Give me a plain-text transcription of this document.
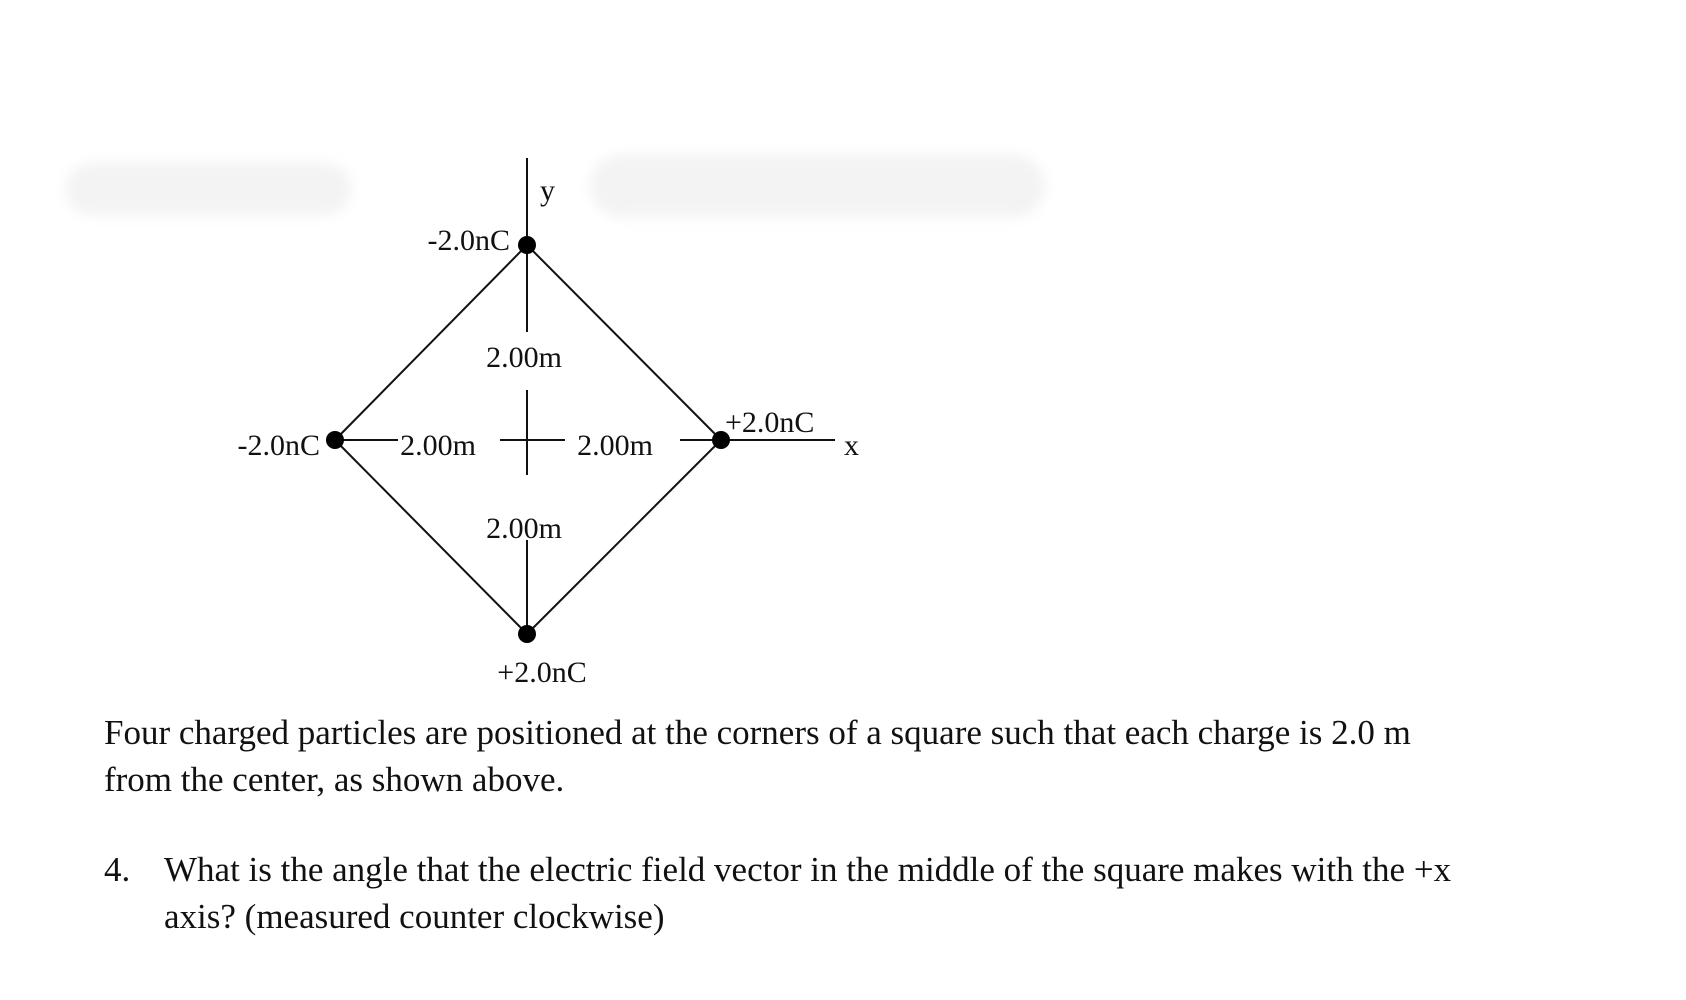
y
x
-2.0nC
-2.0nC
+2.0nC
+2.0nC
2.00m
2.00m
2.00m	2.00m
Four charged particles are positioned at the corners of a square such that each charge is 2.0 m
from the center, as shown above.
4. What is the angle that the electric field vector in the middle of the square makes with the +x
axis? (measured counter clockwise)
